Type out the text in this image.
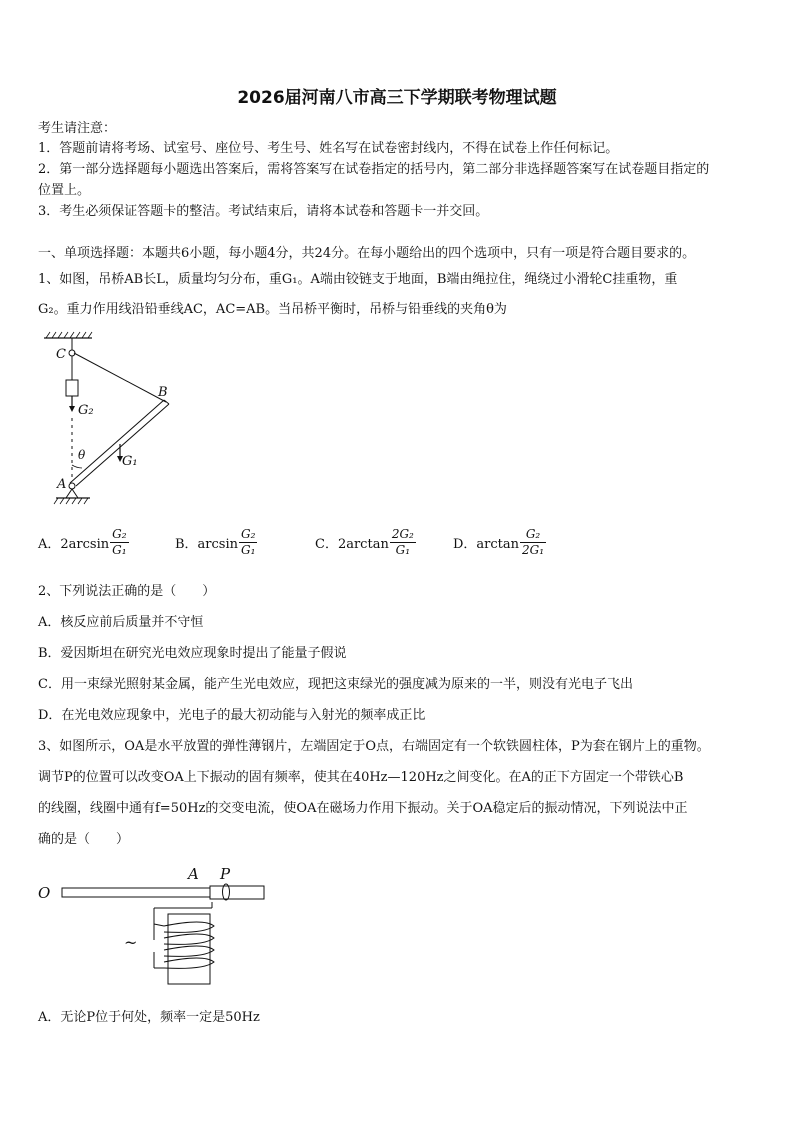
2026届河南八市高三下学期联考物理试题
考生请注意：
1．答题前请将考场、试室号、座位号、考生号、姓名写在试卷密封线内，不得在试卷上作任何标记。
2．第一部分选择题每小题选出答案后，需将答案写在试卷指定的括号内，第二部分非选择题答案写在试卷题目指定的
位置上。
3．考生必须保证答题卡的整洁。考试结束后，请将本试卷和答题卡一并交回。
一、单项选择题：本题共6小题，每小题4分，共24分。在每小题给出的四个选项中，只有一项是符合题目要求的。
1、如图，吊桥AB长L，质量均匀分布，重G₁。A端由铰链支于地面，B端由绳拉住，绳绕过小滑轮C挂重物，重
G₂。重力作用线沿铅垂线AC，AC=AB。当吊桥平衡时，吊桥与铅垂线的夹角θ为
C
B
A
G₂
G₁
θ
A．$2\arcsin \frac{\text{G₂}}{\text{G₁}}$	B．$\arcsin \frac{\text{G₂}}{\text{G₁}}$	C．$2\arctan \frac{\text{2G₂}}{\text{G₁}}$	D．$\arctan \frac{\text{G₂}}{\text{2G₁}}$
2、下列说法正确的是（　　）
A．核反应前后质量并不守恒
B．爱因斯坦在研究光电效应现象时提出了能量子假说
C．用一束绿光照射某金属，能产生光电效应，现把这束绿光的强度减为原来的一半，则没有光电子飞出
D．在光电效应现象中，光电子的最大初动能与入射光的频率成正比
3、如图所示，OA是水平放置的弹性薄钢片，左端固定于O点，右端固定有一个软铁圆柱体，P为套在钢片上的重物。
调节P的位置可以改变OA上下振动的固有频率，使其在40Hz—120Hz之间变化。在A的正下方固定一个带铁心B
的线圈，线圈中通有f=50Hz的交变电流，使OA在磁场力作用下振动。关于OA稳定后的振动情况，下列说法中正
确的是（　　）
O
A P
~
A．无论P位于何处，频率一定是50Hz
